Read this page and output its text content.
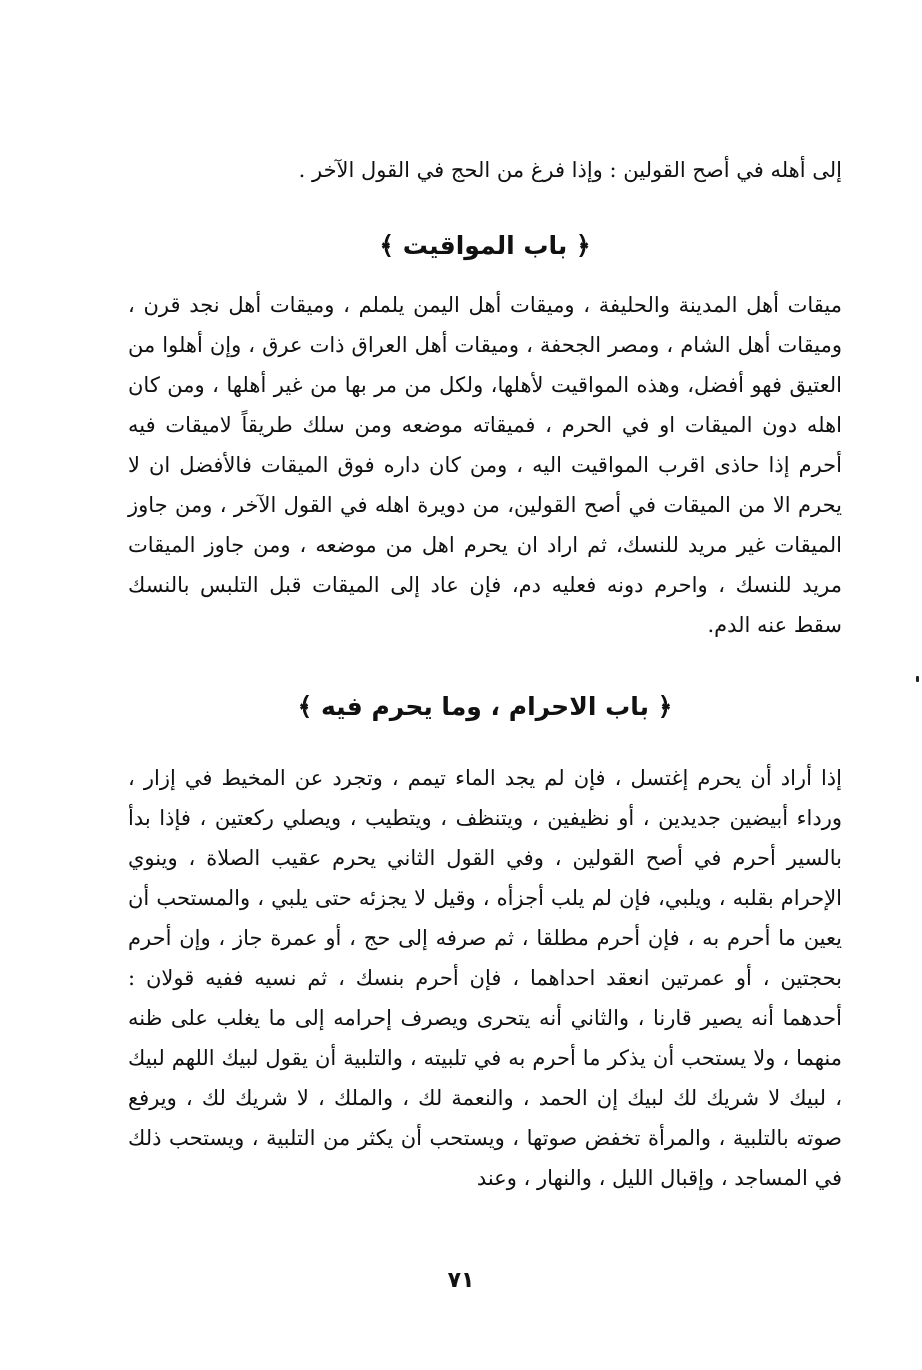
إلى أهله في أصح القولين : وإذا فرغ من الحج في القول الآخر .

﴿ باب المواقيت ﴾

ميقات أهل المدينة والحليفة ، وميقات أهل اليمن يلملم ، وميقات أهل نجد قرن ، وميقات أهل الشام ، ومصر الجحفة ، وميقات أهل العراق ذات عرق ، وإن أهلوا من العتيق فهو أفضل، وهذه المواقيت لأهلها، ولكل من مر بها من غير أهلها ، ومن كان اهله دون الميقات او في الحرم ، فميقاته موضعه ومن سلك طريقاً لاميقات فيه أحرم إذا حاذى اقرب المواقيت اليه ، ومن كان داره فوق الميقات فالأفضل ان لا يحرم الا من الميقات في أصح القولين، من دويرة اهله في القول الآخر ، ومن جاوز الميقات غير مريد للنسك، ثم اراد ان يحرم اهل من موضعه ، ومن جاوز الميقات مريد للنسك ، واحرم دونه فعليه دم، فإن عاد إلى الميقات قبل التلبس بالنسك سقط عنه الدم.

﴿ باب الاحرام ، وما يحرم فيه ﴾

إذا أراد أن يحرم إغتسل ، فإن لم يجد الماء تيمم ، وتجرد عن المخيط في إزار ، ورداء أبيضين جديدين ، أو نظيفين ، ويتنظف ، ويتطيب ، ويصلي ركعتين ، فإذا بدأ بالسير أحرم في أصح القولين ، وفي القول الثاني يحرم عقيب الصلاة ، وينوي الإحرام بقلبه ، ويلبي، فإن لم يلب أجزأه ، وقيل لا يجزئه حتى يلبي ، والمستحب أن يعين ما أحرم به ، فإن أحرم مطلقا ، ثم صرفه إلى حج ، أو عمرة جاز ، وإن أحرم بحجتين ، أو عمرتين انعقد احداهما ، فإن أحرم بنسك ، ثم نسيه ففيه قولان : أحدهما أنه يصير قارنا ، والثاني أنه يتحرى ويصرف إحرامه إلى ما يغلب على ظنه منهما ، ولا يستحب أن يذكر ما أحرم به في تلبيته ، والتلبية أن يقول لبيك اللهم لبيك ، لبيك لا شريك لك لبيك إن الحمد ، والنعمة لك ، والملك ، لا شريك لك ، ويرفع صوته بالتلبية ، والمرأة تخفض صوتها ، ويستحب أن يكثر من التلبية ، ويستحب ذلك في المساجد ، وإقبال الليل ، والنهار ، وعند

٧١
